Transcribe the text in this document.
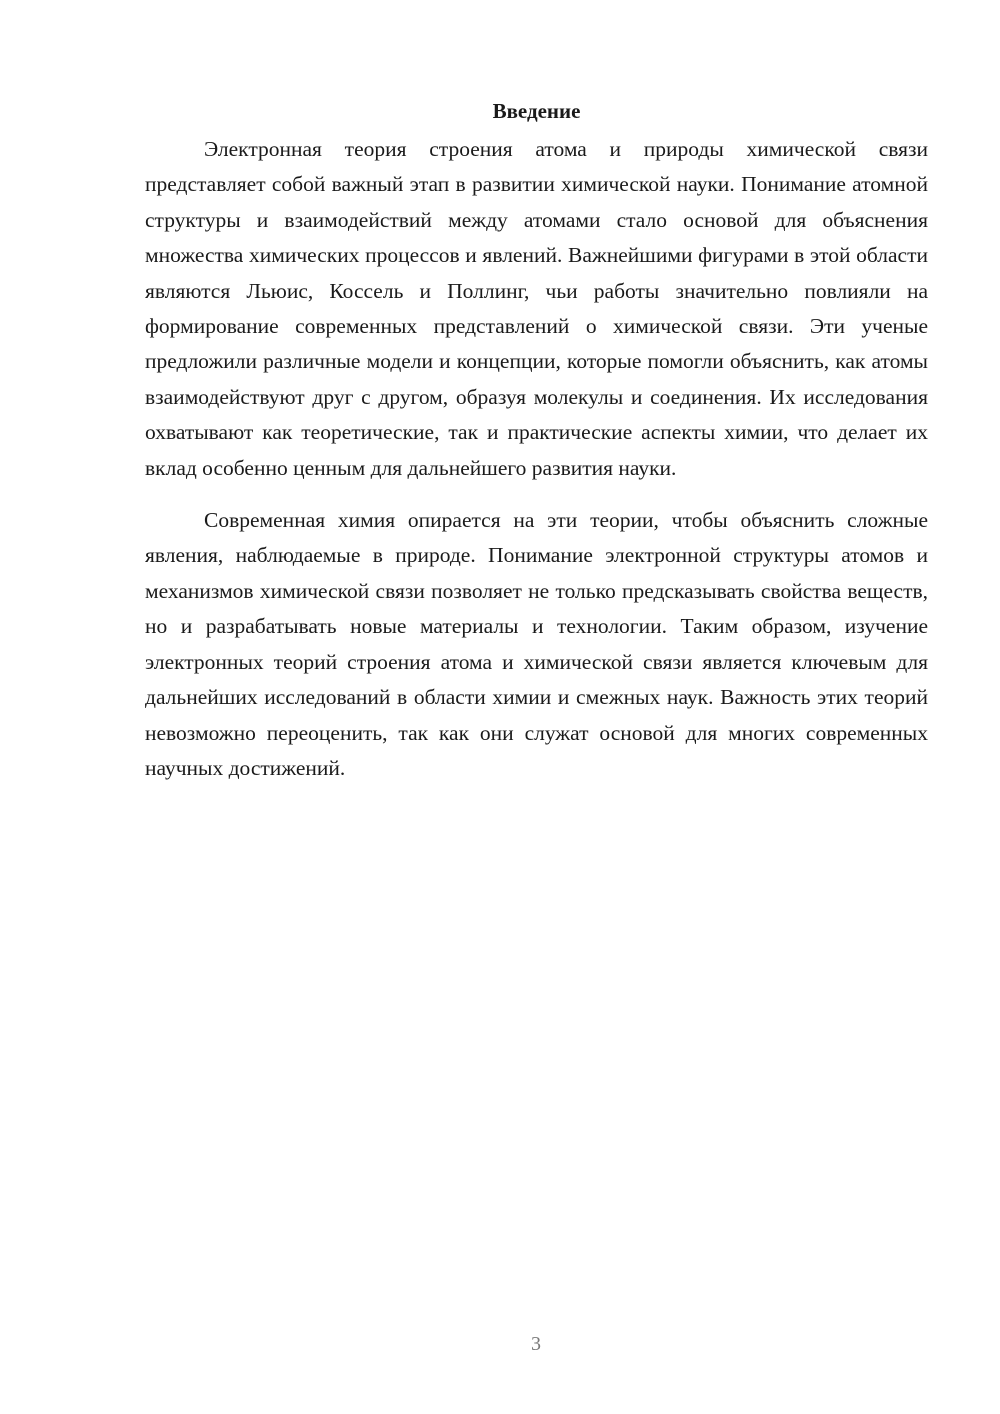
Введение

Электронная теория строения атома и природы химической связи представляет собой важный этап в развитии химической науки. Понимание атомной структуры и взаимодействий между атомами стало основой для объяснения множества химических процессов и явлений. Важнейшими фигурами в этой области являются Льюис, Коссель и Поллинг, чьи работы значительно повлияли на формирование современных представлений о химической связи. Эти ученые предложили различные модели и концепции, которые помогли объяснить, как атомы взаимодействуют друг с другом, образуя молекулы и соединения. Их исследования охватывают как теоретические, так и практические аспекты химии, что делает их вклад особенно ценным для дальнейшего развития науки.

Современная химия опирается на эти теории, чтобы объяснить сложные явления, наблюдаемые в природе. Понимание электронной структуры атомов и механизмов химической связи позволяет не только предсказывать свойства веществ, но и разрабатывать новые материалы и технологии. Таким образом, изучение электронных теорий строения атома и химической связи является ключевым для дальнейших исследований в области химии и смежных наук. Важность этих теорий невозможно переоценить, так как они служат основой для многих современных научных достижений.

3
